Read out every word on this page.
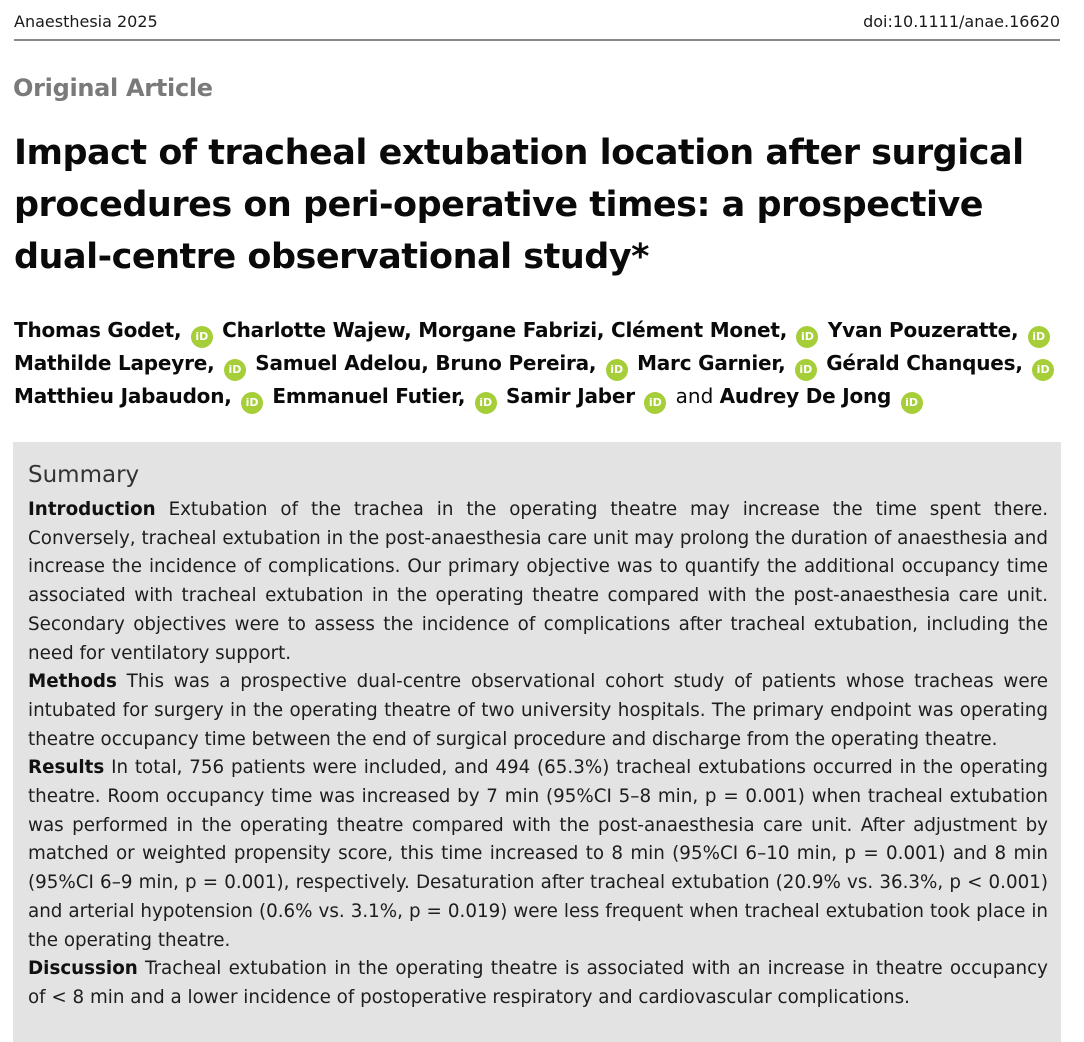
Anaesthesia 2025	doi:10.1111/anae.16620
Original Article
Impact of tracheal extubation location after surgical
procedures on peri-operative times: a prospective
dual-centre observational study*
Thomas Godet, iD Charlotte Wajew, Morgane Fabrizi, Clément Monet, iD Yvan Pouzeratte, iD
Mathilde Lapeyre, iD Samuel Adelou, Bruno Pereira, iD Marc Garnier, iD Gérald Chanques, iD
Matthieu Jabaudon, iD Emmanuel Futier, iD Samir Jaber iD and Audrey De Jong iD
Summary

Introduction Extubation of the trachea in the operating theatre may increase the time spent there. Conversely, tracheal extubation in the post-anaesthesia care unit may prolong the duration of anaesthesia and increase the incidence of complications. Our primary objective was to quantify the additional occupancy time associated with tracheal extubation in the operating theatre compared with the post-anaesthesia care unit. Secondary objectives were to assess the incidence of complications after tracheal extubation, including the need for ventilatory support.

Methods This was a prospective dual-centre observational cohort study of patients whose tracheas were intubated for surgery in the operating theatre of two university hospitals. The primary endpoint was operating theatre occupancy time between the end of surgical procedure and discharge from the operating theatre.

Results In total, 756 patients were included, and 494 (65.3%) tracheal extubations occurred in the operating theatre. Room occupancy time was increased by 7 min (95%CI 5–8 min, p = 0.001) when tracheal extubation was performed in the operating theatre compared with the post-anaesthesia care unit. After adjustment by matched or weighted propensity score, this time increased to 8 min (95%CI 6–10 min, p = 0.001) and 8 min (95%CI 6–9 min, p = 0.001), respectively. Desaturation after tracheal extubation (20.9% vs. 36.3%, p < 0.001) and arterial hypotension (0.6% vs. 3.1%, p = 0.019) were less frequent when tracheal extubation took place in the operating theatre.

Discussion Tracheal extubation in the operating theatre is associated with an increase in theatre occupancy of < 8 min and a lower incidence of postoperative respiratory and cardiovascular complications.
